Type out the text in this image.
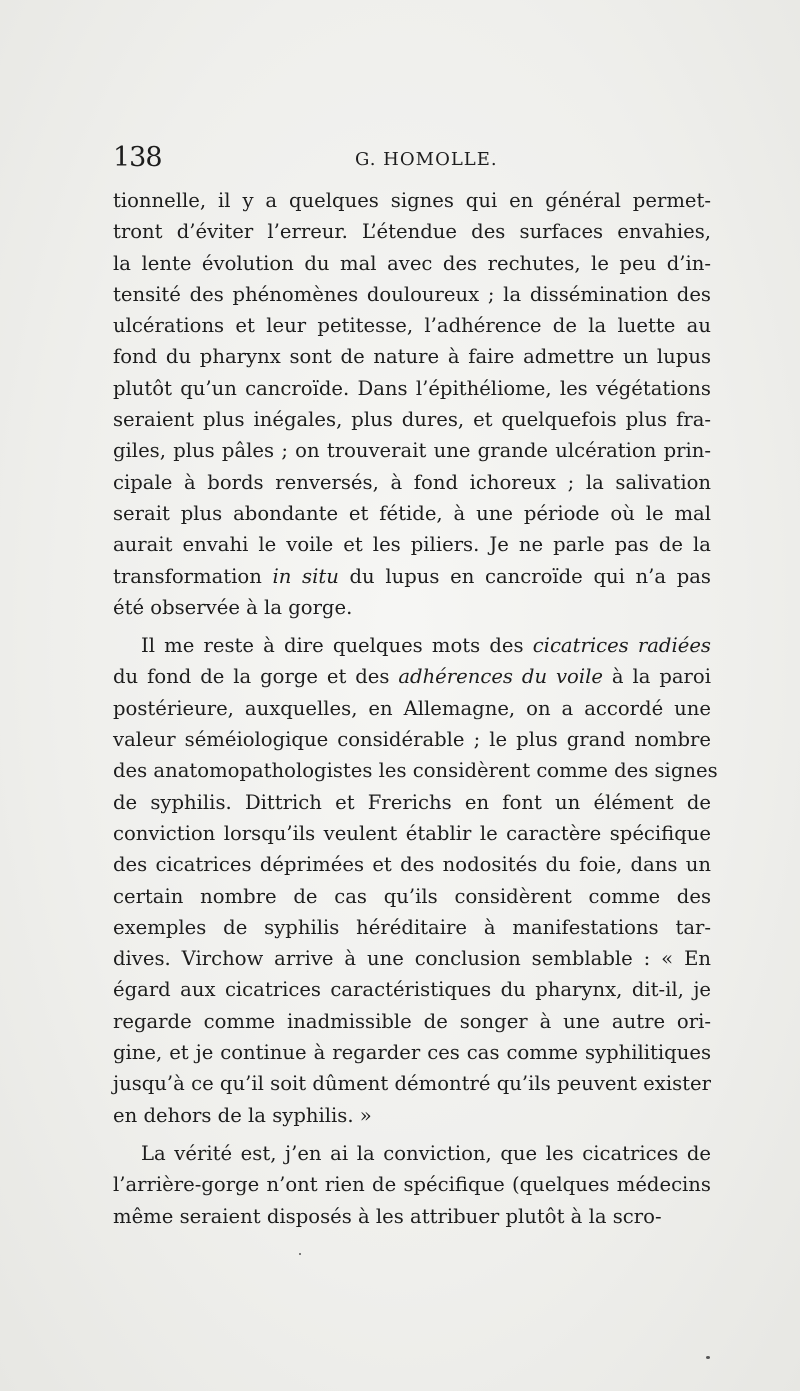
138	G. HOMOLLE.
tionnelle, il y a quelques signes qui en général permet-
tront d’éviter l’erreur. L’étendue des surfaces envahies,
la lente évolution du mal avec des rechutes, le peu d’in-
tensité des phénomènes douloureux ; la dissémination des
ulcérations et leur petitesse, l’adhérence de la luette au
fond du pharynx sont de nature à faire admettre un lupus
plutôt qu’un cancroïde. Dans l’épithéliome, les végétations
seraient plus inégales, plus dures, et quelquefois plus fra-
giles, plus pâles ; on trouverait une grande ulcération prin-
cipale à bords renversés, à fond ichoreux ; la salivation
serait plus abondante et fétide, à une période où le mal
aurait envahi le voile et les piliers. Je ne parle pas de la
transformation in situ du lupus en cancroïde qui n’a pas
été observée à la gorge.
Il me reste à dire quelques mots des cicatrices radiées
du fond de la gorge et des adhérences du voile à la paroi
postérieure, auxquelles, en Allemagne, on a accordé une
valeur séméiologique considérable ; le plus grand nombre
des anatomopathologistes les considèrent comme des signes
de syphilis. Dittrich et Frerichs en font un élément de
conviction lorsqu’ils veulent établir le caractère spécifique
des cicatrices déprimées et des nodosités du foie, dans un
certain nombre de cas qu’ils considèrent comme des
exemples de syphilis héréditaire à manifestations tar-
dives. Virchow arrive à une conclusion semblable : « En
égard aux cicatrices caractéristiques du pharynx, dit-il, je
regarde comme inadmissible de songer à une autre ori-
gine, et je continue à regarder ces cas comme syphilitiques
jusqu’à ce qu’il soit dûment démontré qu’ils peuvent exister
en dehors de la syphilis. »
La vérité est, j’en ai la conviction, que les cicatrices de
l’arrière-gorge n’ont rien de spécifique (quelques médecins
même seraient disposés à les attribuer plutôt à la scro-
